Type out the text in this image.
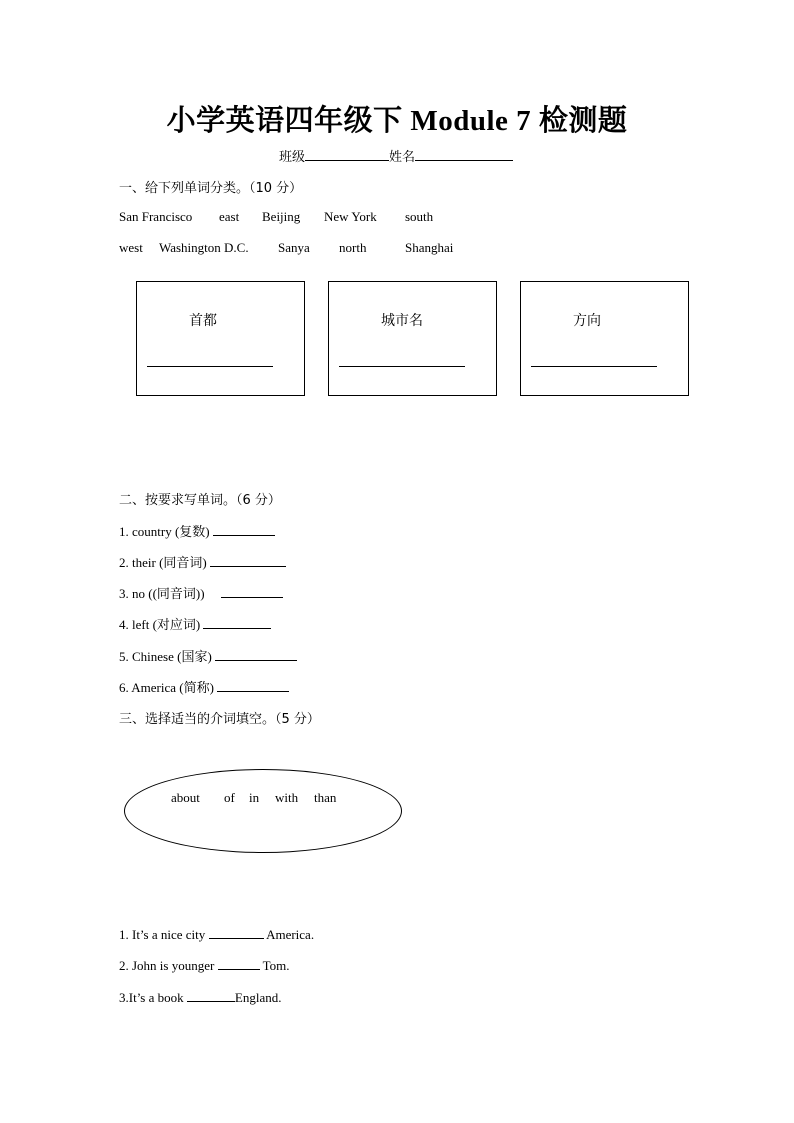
小学英语四年级下 Module 7 检测题
班级	姓名
一、给下列单词分类。（10 分）
San Francisco east Beijing New York south
west Washington D.C. Sanya north	Shanghai
首都	城市名	方向
二、按要求写单词。（6 分）
1. country (复数)
2. their (同音词)
3. no ((同音词))
4. left (对应词)
5. Chinese (国家)
6. America (简称)
三、选择适当的介词填空。（5 分）
about of in with than
1. It’s a nice city	America.
2. John is younger	Tom.
3.It’s a book	England.
